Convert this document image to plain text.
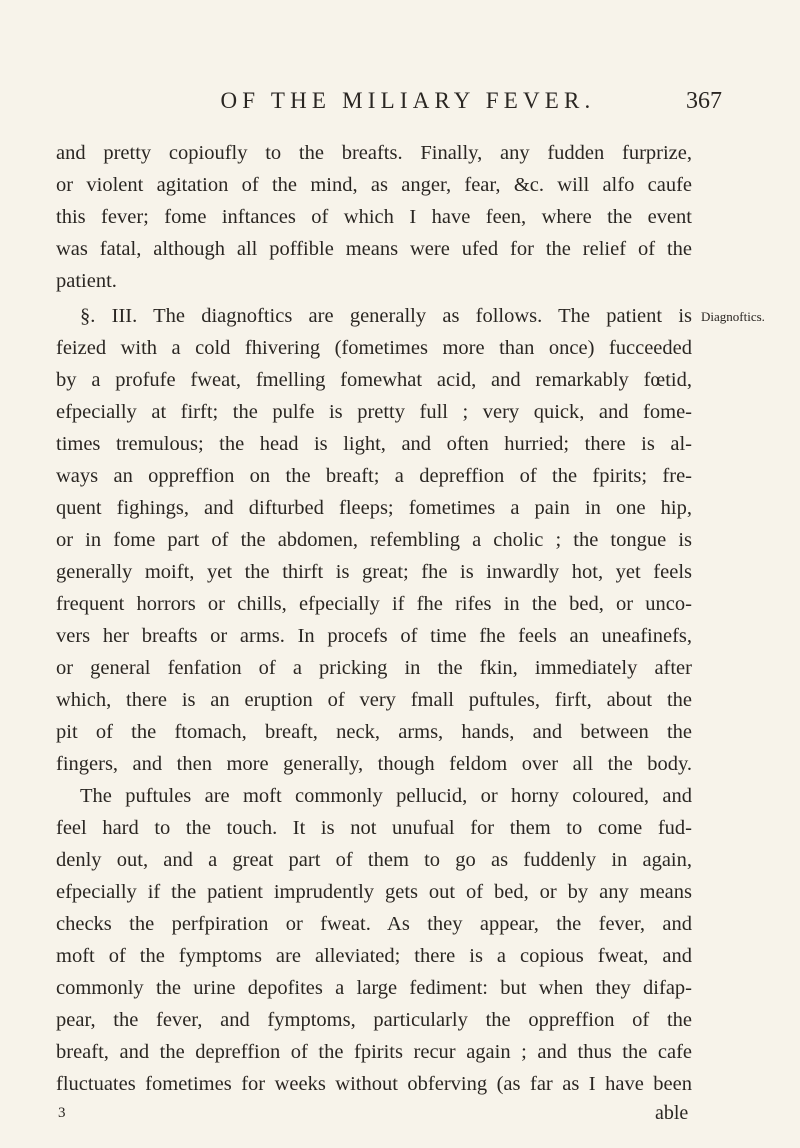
OF THE MILIARY FEVER.	367
and pretty copioufly to the breafts. Finally, any fudden furprize,
or violent agitation of the mind, as anger, fear, &c. will alfo caufe
this fever; fome inftances of which I have feen, where the event
was fatal, although all poffible means were ufed for the relief of the
patient.
§. III. The diagnoftics are generally as follows. The patient is
feized with a cold fhivering (fometimes more than once) fucceeded
by a profufe fweat, fmelling fomewhat acid, and remarkably fœtid,
efpecially at firft; the pulfe is pretty full ; very quick, and fome-
times tremulous; the head is light, and often hurried; there is al-
ways an oppreffion on the breaft; a depreffion of the fpirits; fre-
quent fighings, and difturbed fleeps; fometimes a pain in one hip,
or in fome part of the abdomen, refembling a cholic ; the tongue is
generally moift, yet the thirft is great; fhe is inwardly hot, yet feels
frequent horrors or chills, efpecially if fhe rifes in the bed, or unco-
vers her breafts or arms. In procefs of time fhe feels an uneafinefs,
or general fenfation of a pricking in the fkin, immediately after
which, there is an eruption of very fmall puftules, firft, about the
pit of the ftomach, breaft, neck, arms, hands, and between the
fingers, and then more generally, though feldom over all the body.
The puftules are moft commonly pellucid, or horny coloured, and
feel hard to the touch. It is not unufual for them to come fud-
denly out, and a great part of them to go as fuddenly in again,
efpecially if the patient imprudently gets out of bed, or by any means
checks the perfpiration or fweat. As they appear, the fever, and
moft of the fymptoms are alleviated; there is a copious fweat, and
commonly the urine depofites a large fediment: but when they difap-
pear, the fever, and fymptoms, particularly the oppreffion of the
breaft, and the depreffion of the fpirits recur again ; and thus the cafe
fluctuates fometimes for weeks without obferving (as far as I have been
Diagnoftics.
3	able
